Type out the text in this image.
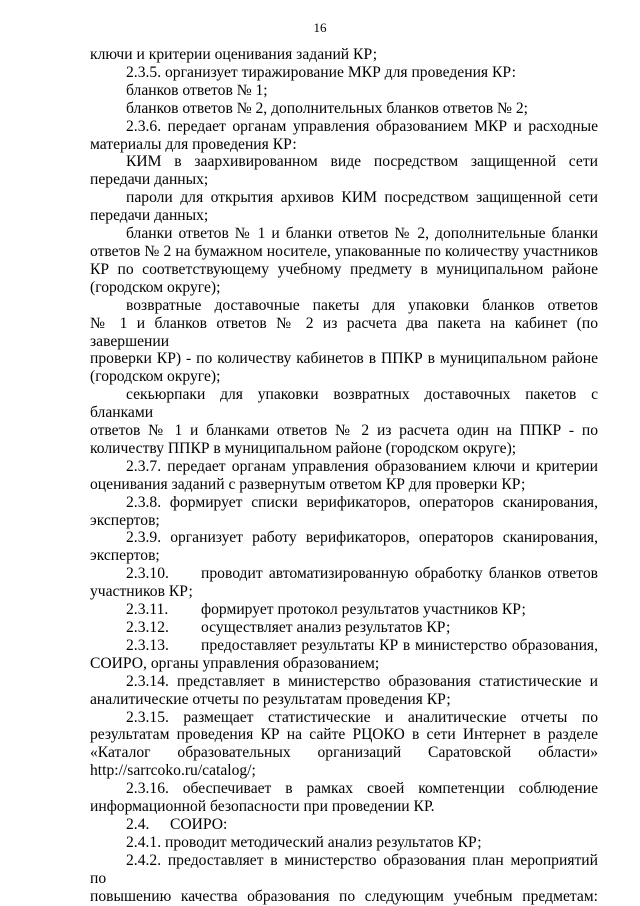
16

ключи и критерии оценивания заданий КР;

2.3.5. организует тиражирование МКР для проведения КР:

бланков ответов № 1;

бланков ответов № 2, дополнительных бланков ответов № 2;

2.3.6. передает органам управления образованием МКР и расходные
материалы для проведения КР:

КИМ в заархивированном виде посредством защищенной сети
передачи данных;

пароли для открытия архивов КИМ посредством защищенной сети
передачи данных;

бланки ответов № 1 и бланки ответов № 2, дополнительные бланки
ответов № 2 на бумажном носителе, упакованные по количеству участников
КР по соответствующему учебному предмету в муниципальном районе
(городском округе);

возвратные доставочные пакеты для упаковки бланков ответов
№ 1 и бланков ответов № 2 из расчета два пакета на кабинет (по завершении
проверки КР) - по количеству кабинетов в ППКР в муниципальном районе
(городском округе);

секьюрпаки для упаковки возвратных доставочных пакетов с бланками
ответов № 1 и бланками ответов № 2 из расчета один на ППКР - по
количеству ППКР в муниципальном районе (городском округе);

2.3.7. передает органам управления образованием ключи и критерии
оценивания заданий с развернутым ответом КР для проверки КР;

2.3.8. формирует списки верификаторов, операторов сканирования,
экспертов;

2.3.9. организует работу верификаторов, операторов сканирования,
экспертов;

2.3.10.	проводит автоматизированную обработку бланков ответов
участников КР;
2.3.11.	формирует протокол результатов участников КР;
2.3.12.	осуществляет анализ результатов КР;
2.3.13.	предоставляет результаты КР в министерство образования,
СОИРО, органы управления образованием;

2.3.14. представляет в министерство образования статистические и
аналитические отчеты по результатам проведения КР;

2.3.15. размещает статистические и аналитические отчеты по
результатам проведения КР на сайте РЦОКО в сети Интернет в разделе
«Каталог образовательных организаций Саратовской области»
http://sarrcoko.ru/catalog/;

2.3.16. обеспечивает в рамках своей компетенции соблюдение
информационной безопасности при проведении КР.

2.4.	СОИРО:

2.4.1. проводит методический анализ результатов КР;

2.4.2. предоставляет в министерство образования план мероприятий по
повышению качества образования по следующим учебным предметам:
